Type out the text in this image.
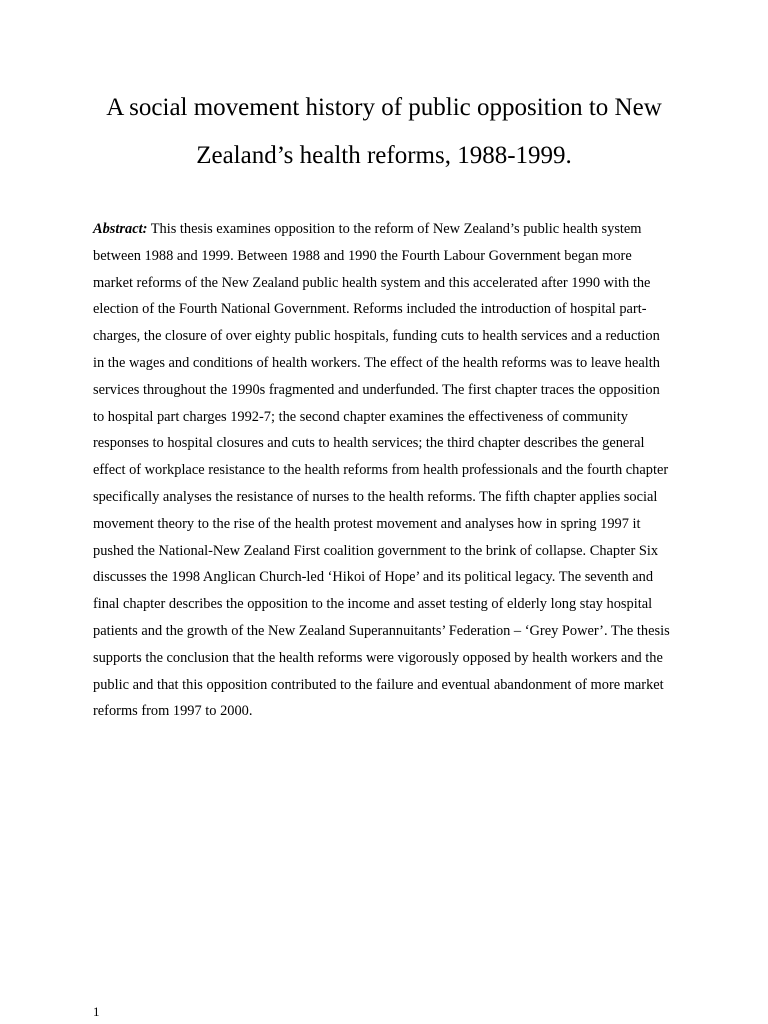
A social movement history of public opposition to New Zealand’s health reforms, 1988-1999.

Abstract: This thesis examines opposition to the reform of New Zealand’s public health system between 1988 and 1999. Between 1988 and 1990 the Fourth Labour Government began more market reforms of the New Zealand public health system and this accelerated after 1990 with the election of the Fourth National Government. Reforms included the introduction of hospital part-charges, the closure of over eighty public hospitals, funding cuts to health services and a reduction in the wages and conditions of health workers. The effect of the health reforms was to leave health services throughout the 1990s fragmented and underfunded. The first chapter traces the opposition to hospital part charges 1992-7; the second chapter examines the effectiveness of community responses to hospital closures and cuts to health services; the third chapter describes the general effect of workplace resistance to the health reforms from health professionals and the fourth chapter specifically analyses the resistance of nurses to the health reforms. The fifth chapter applies social movement theory to the rise of the health protest movement and analyses how in spring 1997 it pushed the National-New Zealand First coalition government to the brink of collapse. Chapter Six discusses the 1998 Anglican Church-led ‘Hikoi of Hope’ and its political legacy. The seventh and final chapter describes the opposition to the income and asset testing of elderly long stay hospital patients and the growth of the New Zealand Superannuitants’ Federation – ‘Grey Power’. The thesis supports the conclusion that the health reforms were vigorously opposed by health workers and the public and that this opposition contributed to the failure and eventual abandonment of more market reforms from 1997 to 2000.

1
